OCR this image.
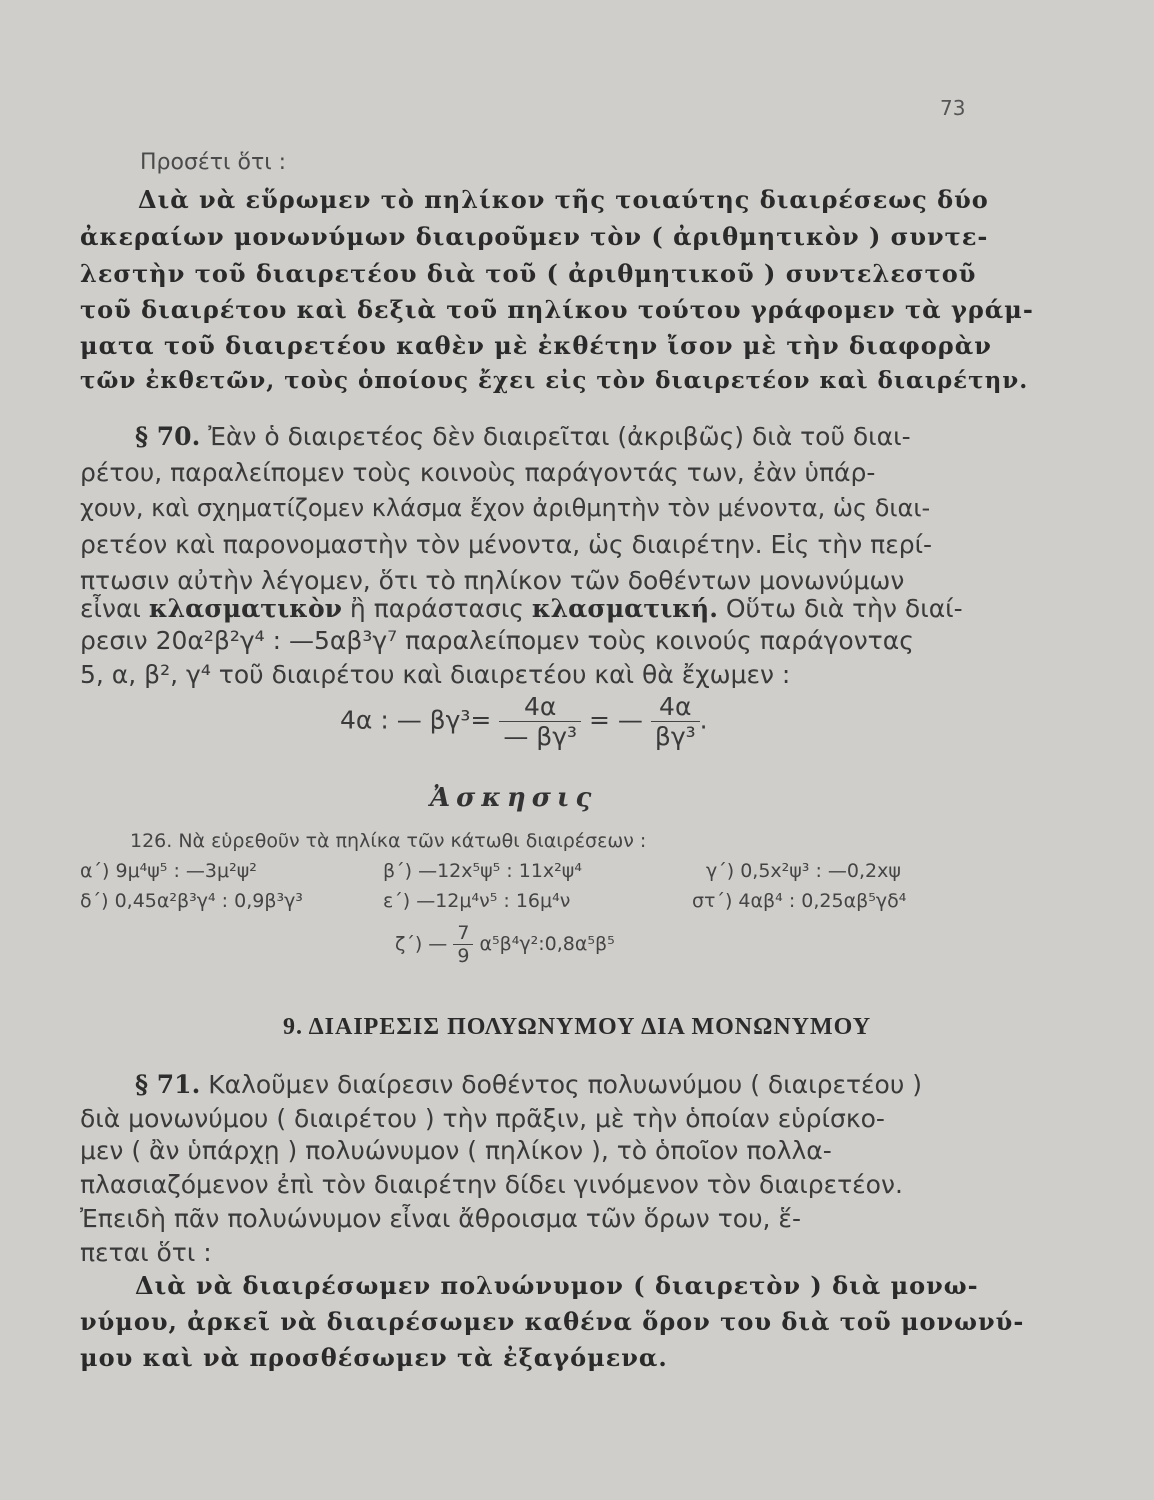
73
Προσέτι ὅτι :
Διὰ νὰ εὕρωμεν τὸ πηλίκον τῆς τοιαύτης διαιρέσεως δύο
ἀκεραίων μονωνύμων διαιροῦμεν τὸν ( ἀριθμητικὸν ) συντε-
λεστὴν τοῦ διαιρετέου διὰ τοῦ ( ἀριθμητικοῦ ) συντελεστοῦ
τοῦ διαιρέτου καὶ δεξιὰ τοῦ πηλίκου τούτου γράφομεν τὰ γράμ-
ματα τοῦ διαιρετέου καθὲν μὲ ἐκθέτην ἴσον μὲ τὴν διαφορὰν
τῶν ἐκθετῶν, τοὺς ὁποίους ἔχει εἰς τὸν διαιρετέον καὶ διαιρέτην.
§ 70. Ἐὰν ὁ διαιρετέος δὲν διαιρεῖται (ἀκριβῶς) διὰ τοῦ διαι-
ρέτου, παραλείπομεν τοὺς κοινοὺς παράγοντάς των, ἐὰν ὑπάρ-
χουν, καὶ σχηματίζομεν κλάσμα ἔχον ἀριθμητὴν τὸν μένοντα, ὡς διαι-
ρετέον καὶ παρονομαστὴν τὸν μένοντα, ὡς διαιρέτην. Εἰς τὴν περί-
πτωσιν αὐτὴν λέγομεν, ὅτι τὸ πηλίκον τῶν δοθέντων μονωνύμων
εἶναι κλασματικὸν ἢ παράστασις κλασματική. Οὕτω διὰ τὴν διαί-
ρεσιν 20α²β²γ⁴ : —5αβ³γ⁷ παραλείπομεν τοὺς κοινούς παράγοντας
5, α, β², γ⁴ τοῦ διαιρέτου καὶ διαιρετέου καὶ θὰ ἔχωμεν :
4α : — $\beta\gamma^3= \frac{4\alpha}{\text{— βγ³}}$ = — $\frac{4\alpha}{\text{βγ³}}$ .
Ἀσκησις
126. Νὰ εὑρεθοῦν τὰ πηλίκα τῶν κάτωθι διαιρέσεων :
α΄) 9μ⁴ψ⁵ : —3μ²ψ²	β΄) —12x⁵ψ⁵ : 11x²ψ⁴	γ΄) 0,5x²ψ³ : —0,2xψ
δ΄) 0,45α²β³γ⁴ : 0,9β³γ³	ε΄) —12μ⁴ν⁵ : 16μ⁴ν	στ΄) 4αβ⁴ : 0,25αβ⁵γδ⁴
ζ΄) — $\frac{7}{9}$ α⁵β⁴γ²:0,8α⁵β⁵
9. ΔΙΑΙΡΕΣΙΣ ΠΟΛΥΩΝΥΜΟΥ ΔΙΑ ΜΟΝΩΝΥΜΟΥ
§ 71. Καλοῦμεν διαίρεσιν δοθέντος πολυωνύμου ( διαιρετέου )
διὰ μονωνύμου ( διαιρέτου ) τὴν πρᾶξιν, μὲ τὴν ὁποίαν εὑρίσκο-
μεν ( ἂν ὑπάρχῃ ) πολυώνυμον ( πηλίκον ), τὸ ὁποῖον πολλα-
πλασιαζόμενον ἐπὶ τὸν διαιρέτην δίδει γινόμενον τὸν διαιρετέον.
Ἐπειδὴ πᾶν πολυώνυμον εἶναι ἄθροισμα τῶν ὅρων του, ἕ-
πεται ὅτι :
Διὰ νὰ διαιρέσωμεν πολυώνυμον ( διαιρετὸν ) διὰ μονω-
νύμου, ἀρκεῖ νὰ διαιρέσωμεν καθένα ὅρον του διὰ τοῦ μονωνύ-
μου καὶ νὰ προσθέσωμεν τὰ ἐξαγόμενα.
